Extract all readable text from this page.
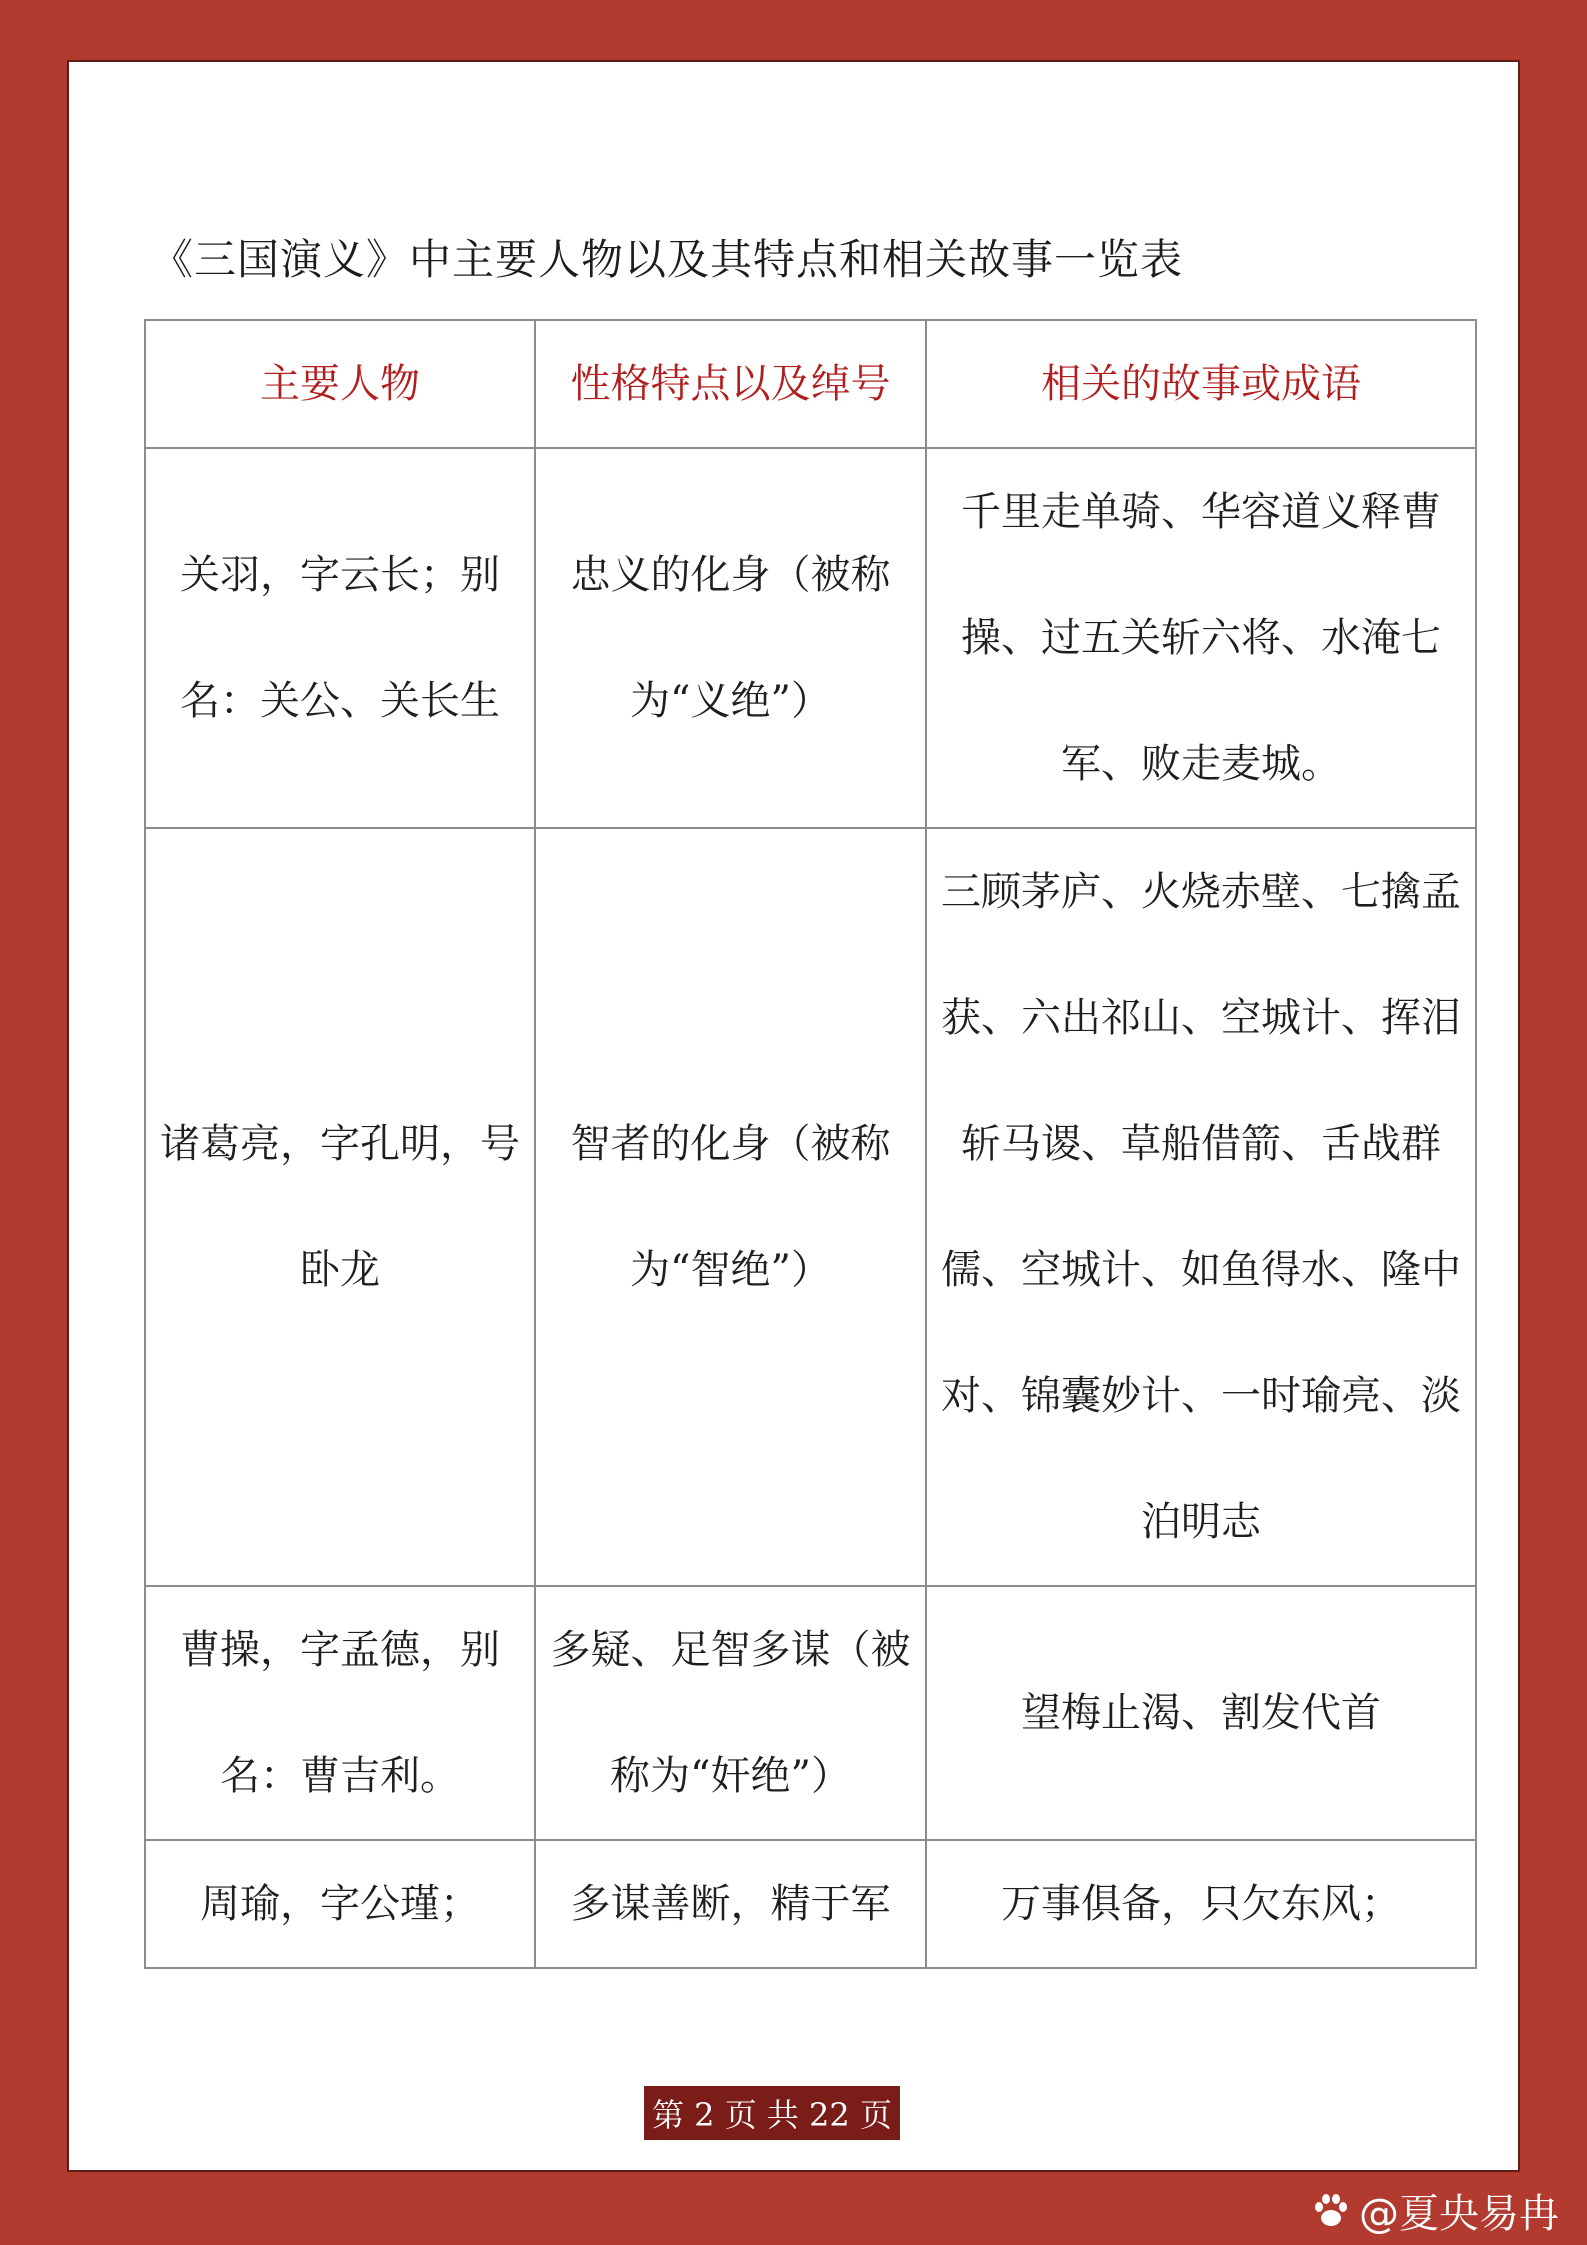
《三国演义》中主要人物以及其特点和相关故事一览表
主要人物	性格特点以及绰号	相关的故事或成语
关羽，字云长；别名：关公、关长生	忠义的化身（被称为“义绝”）	千里走单骑、华容道义释曹操、过五关斩六将、水淹七军、败走麦城。
诸葛亮，字孔明，号卧龙	智者的化身（被称为“智绝”）	三顾茅庐、火烧赤壁、七擒孟获、六出祁山、空城计、挥泪斩马谡、草船借箭、舌战群儒、空城计、如鱼得水、隆中对、锦囊妙计、一时瑜亮、淡泊明志
曹操，字孟德，别名：曹吉利。	多疑、足智多谋（被称为“奸绝”）	望梅止渴、割发代首
周瑜，字公瑾；	多谋善断，精于军	万事俱备，只欠东风；
第 2 页 共 22 页
@夏央易冉
